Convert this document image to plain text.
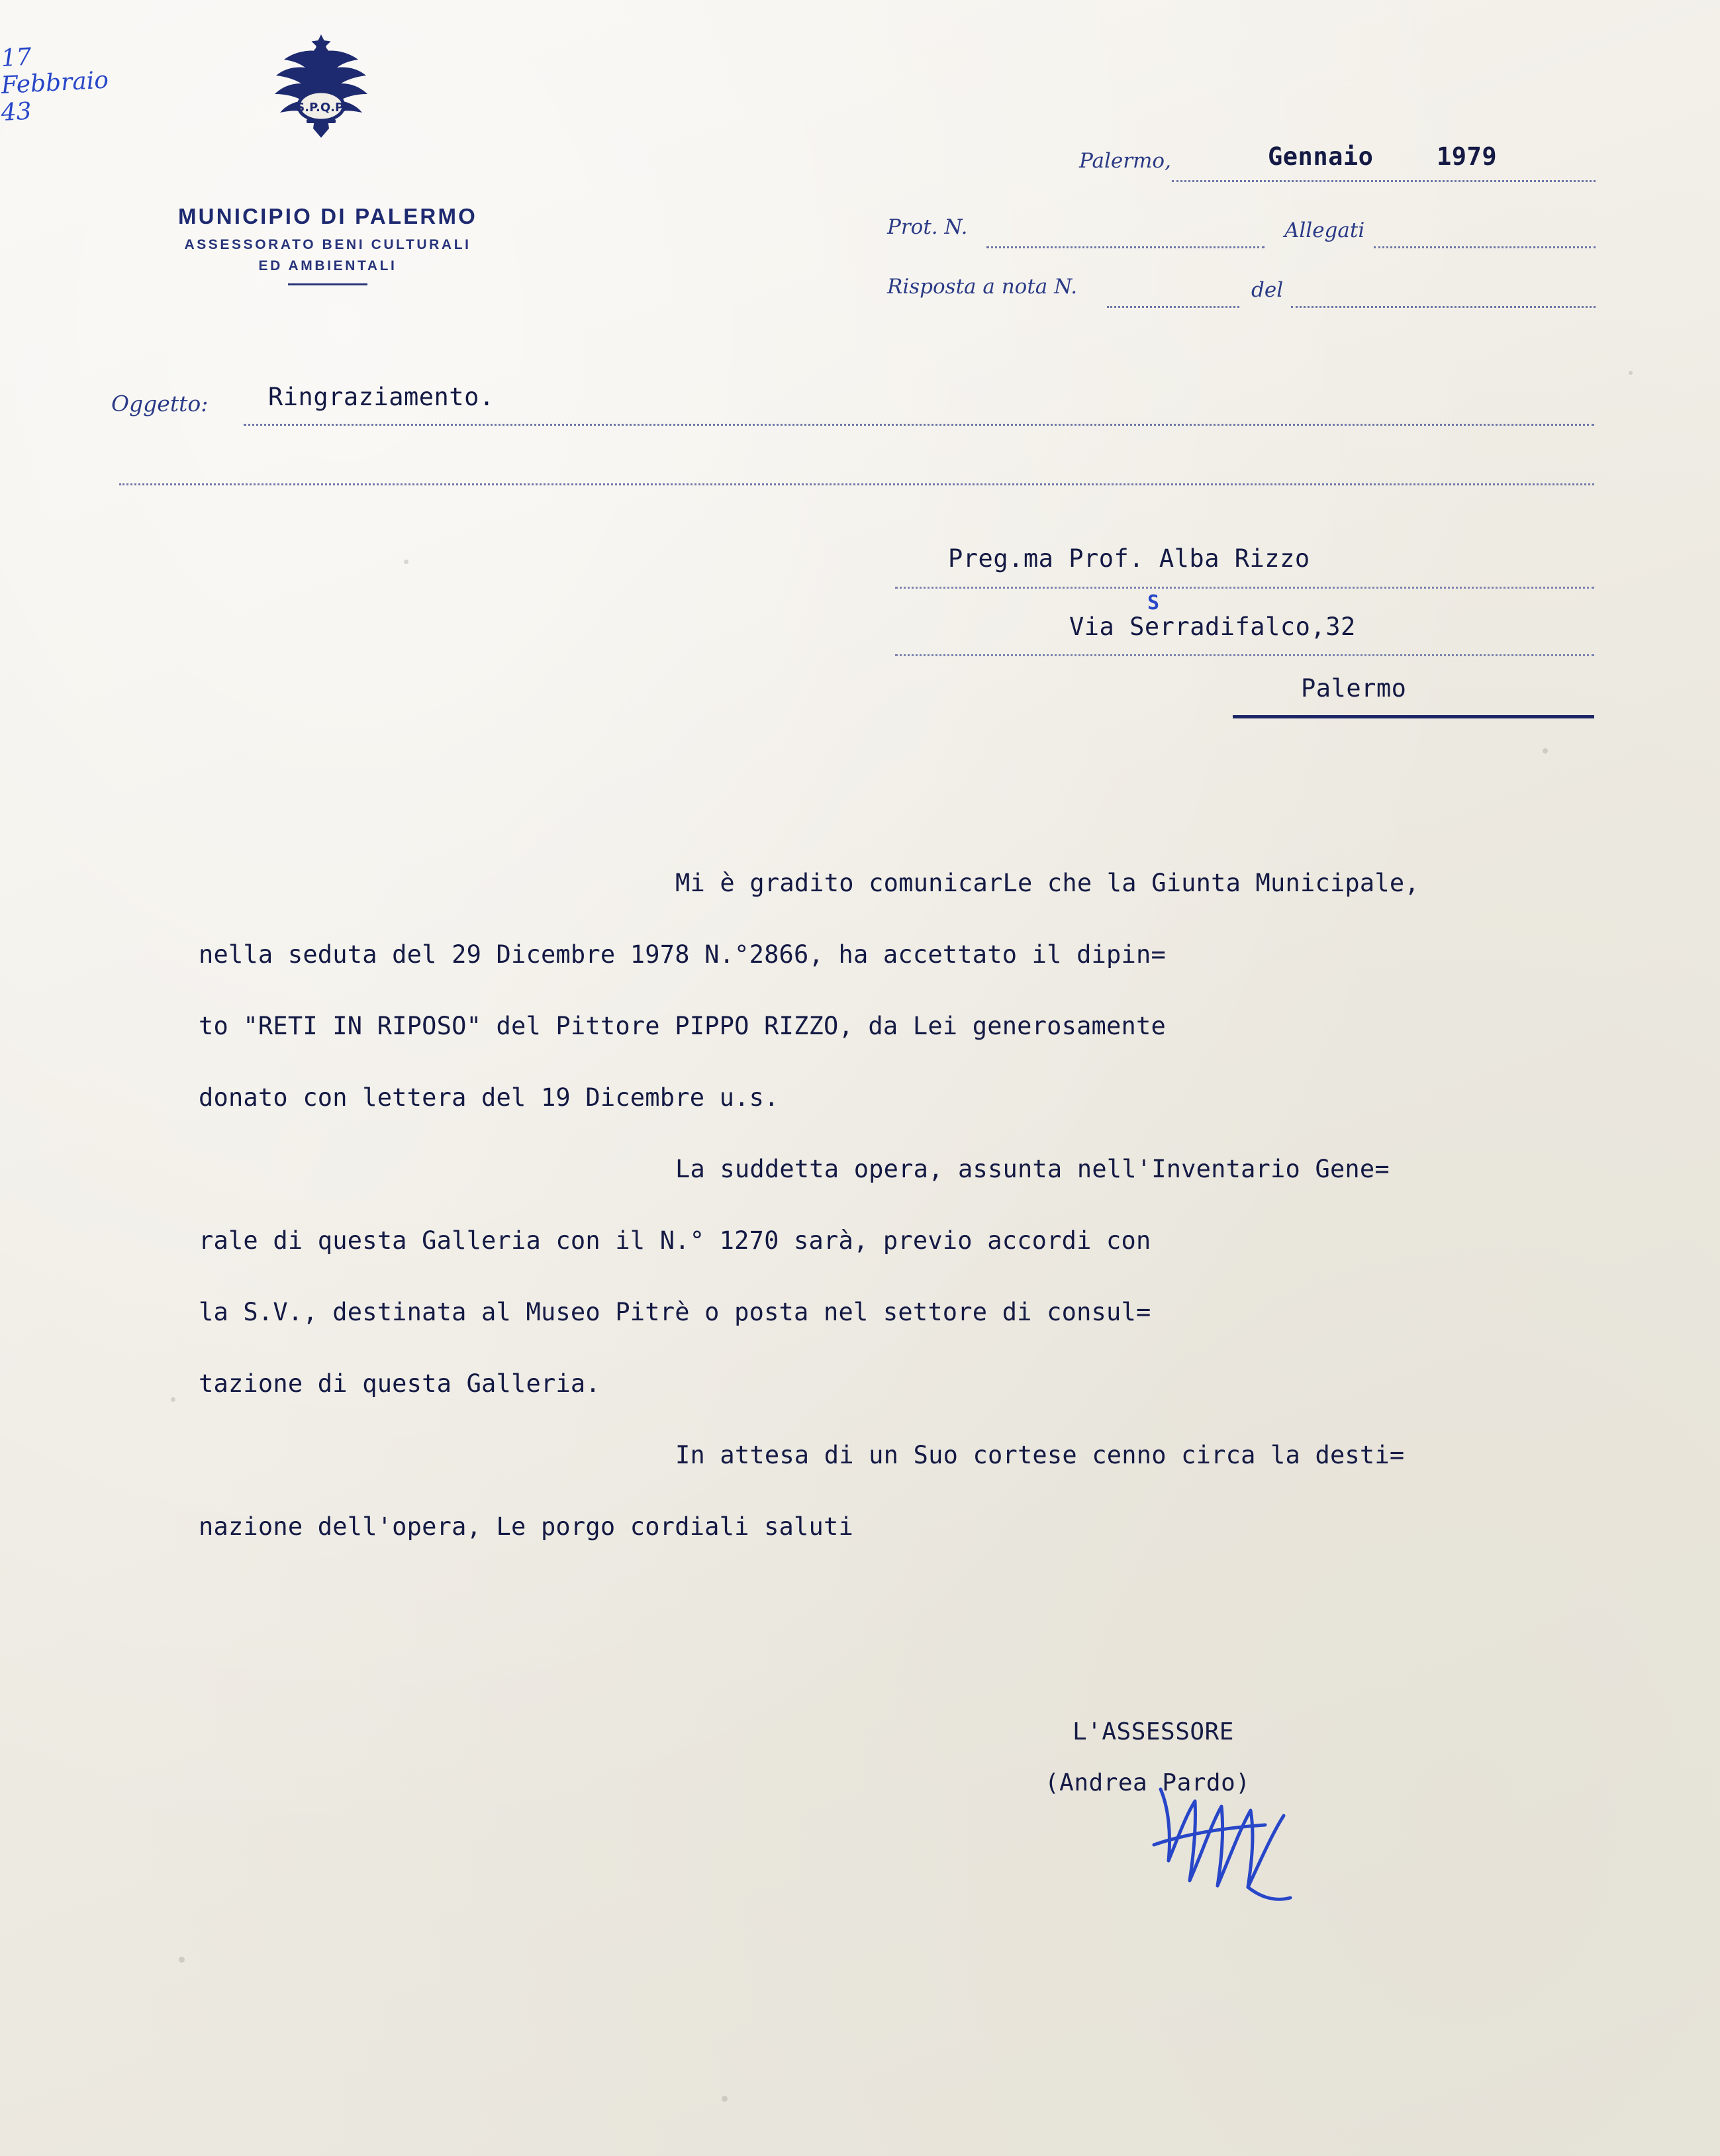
S.P.Q.P.
MUNICIPIO DI PALERMO
ASSESSORATO BENI CULTURALI
ED AMBIENTALI
Palermo,
17
Febbraio
Gennaio	1979
Prot. N.
43
Allegati
Risposta a nota N.	del
Oggetto: Ringraziamento.
Preg.ma Prof. Alba Rizzo
Via Serradifalco,32
S
Palermo

Mi è gradito comunicarLe che la Giunta Municipale,

nella seduta del 29 Dicembre 1978 N.°2866, ha accettato il dipin=

to "RETI IN RIPOSO" del Pittore PIPPO RIZZO, da Lei generosamente

donato con lettera del 19 Dicembre u.s.

La suddetta opera, assunta nell'Inventario Gene=

rale di questa Galleria con il N.° 1270 sarà, previo accordi con

la S.V., destinata al Museo Pitrè o posta nel settore di consul=

tazione di questa Galleria.

In attesa di un Suo cortese cenno circa la desti=

nazione dell'opera, Le porgo cordiali saluti

L'ASSESSORE
(Andrea Pardo)
